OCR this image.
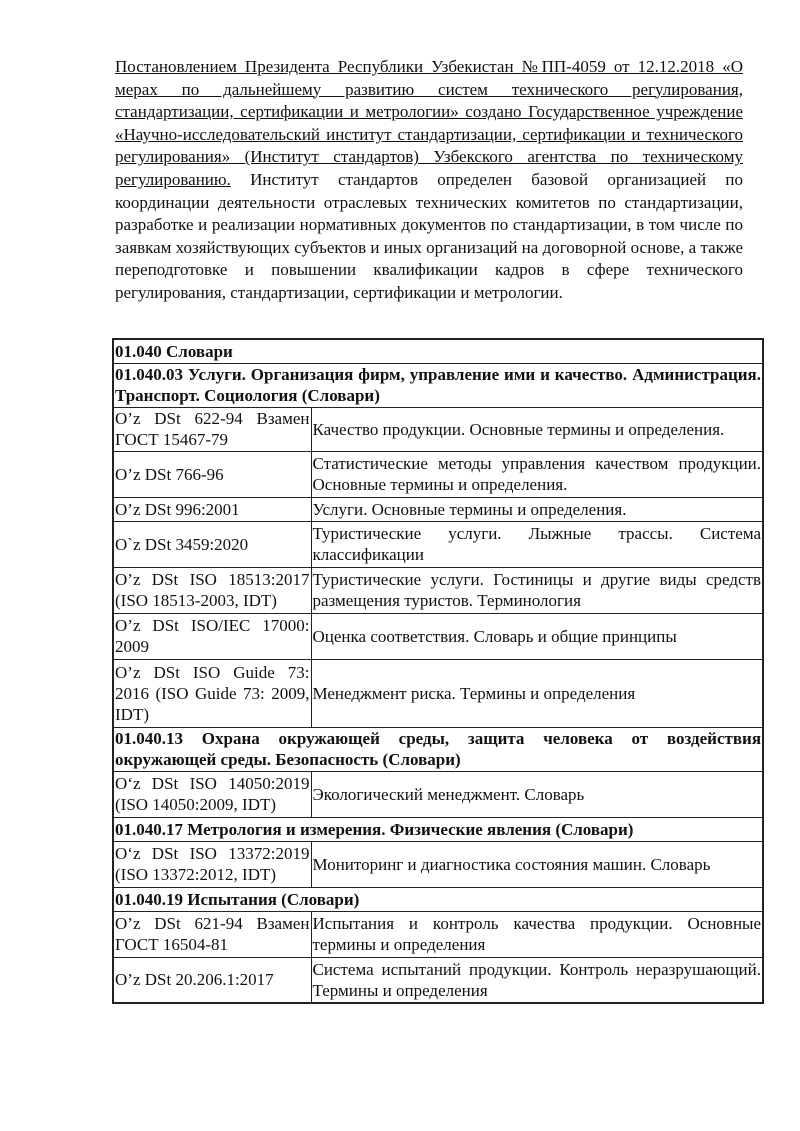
Постановлением Президента Республики Узбекистан №ПП-4059 от 12.12.2018 «О мерах по дальнейшему развитию систем технического регулирования, стандартизации, сертификации и метрологии» создано Государственное учреждение «Научно-исследовательский институт стандартизации, сертификации и технического регулирования» (Институт стандартов) Узбекского агентства по техническому регулированию. Институт стандартов определен базовой организацией по координации деятельности отраслевых технических комитетов по стандартизации, разработке и реализации нормативных документов по стандартизации, в том числе по заявкам хозяйствующих субъектов и иных организаций на договорной основе, а также переподготовке и повышении квалификации кадров в сфере технического регулирования, стандартизации, сертификации и метрологии.

01.040 Словари	
01.040.03 Услуги. Организация фирм, управление ими и качество. Администрация. Транспорт. Социология (Словари)	
O’z DSt 622-94 Взамен ГОСТ 15467-79	Качество продукции. Основные термины и определения.
O’z DSt 766-96	Статистические методы управления качеством продукции. Основные термины и определения.
O’z DSt 996:2001	Услуги. Основные термины и определения.
O`z DSt 3459:2020	Туристические услуги. Лыжные трассы. Система классификации
O’z DSt ISO 18513:2017 (ISO 18513-2003, IDT)	Туристические услуги. Гостиницы и другие виды средств размещения туристов. Терминология
O’z DSt ISO/IEC 17000: 2009	Оценка соответствия. Словарь и общие принципы
O’z DSt ISO Guide 73: 2016 (ISO Guide 73: 2009, IDT)	Менеджмент риска. Термины и определения
01.040.13 Охрана окружающей среды, защита человека от воздействия окружающей среды. Безопасность (Словари)	
O‘z DSt ISO 14050:2019 (ISO 14050:2009, IDT)	Экологический менеджмент. Словарь
01.040.17 Метрология и измерения. Физические явления (Словари)	
O‘z DSt ISO 13372:2019 (ISO 13372:2012, IDT)	Мониторинг и диагностика состояния машин. Словарь
01.040.19 Испытания (Словари)	
O’z DSt 621-94 Взамен ГОСТ 16504-81	Испытания и контроль качества продукции. Основные термины и определения
O’z DSt 20.206.1:2017	Система испытаний продукции. Контроль неразрушающий. Термины и определения
